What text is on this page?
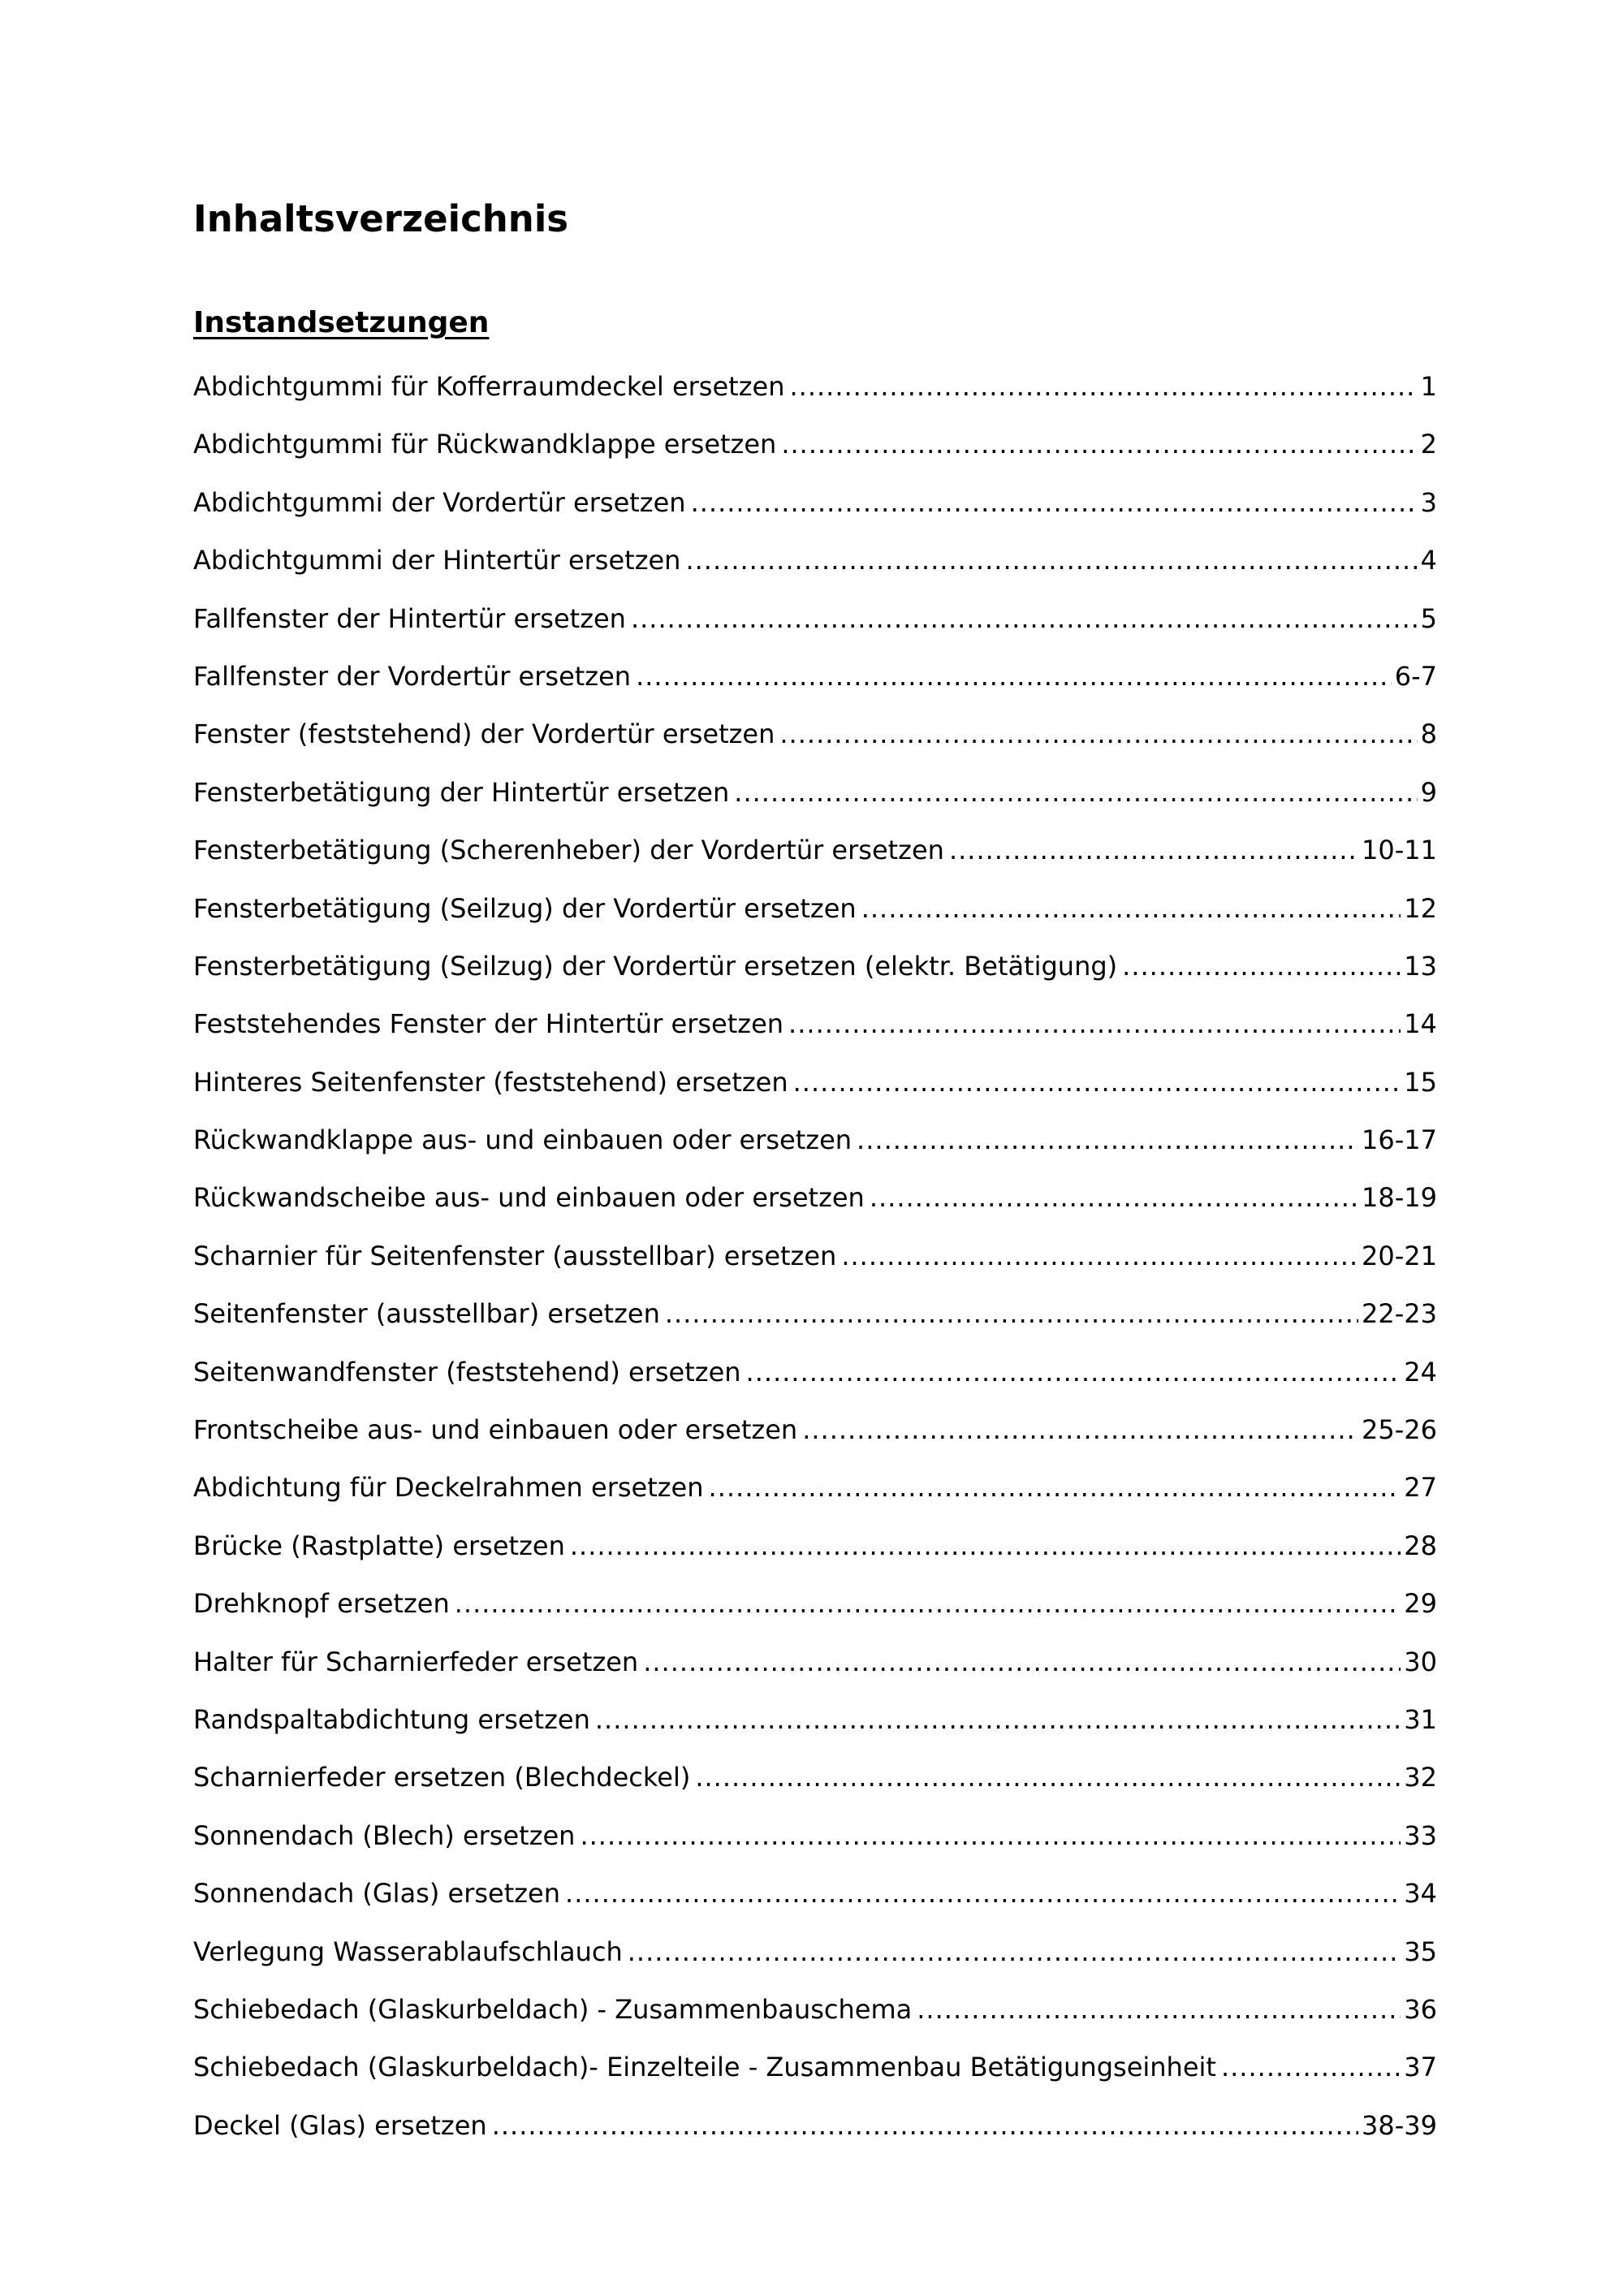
Inhaltsverzeichnis
Instandsetzungen
Abdichtgummi für Kofferraumdeckel ersetzen .....	1
Abdichtgummi für Rückwandklappe ersetzen .....	2
Abdichtgummi der Vordertür ersetzen .....	3
Abdichtgummi der Hintertür ersetzen .....	4
Fallfenster der Hintertür ersetzen .....	5
Fallfenster der Vordertür ersetzen .....	6-7
Fenster (feststehend) der Vordertür ersetzen .....	8
Fensterbetätigung der Hintertür ersetzen .....	9
Fensterbetätigung (Scherenheber) der Vordertür ersetzen .....	10-11
Fensterbetätigung (Seilzug) der Vordertür ersetzen .....	12
Fensterbetätigung (Seilzug) der Vordertür ersetzen (elektr. Betätigung) .....	13
Feststehendes Fenster der Hintertür ersetzen .....	14
Hinteres Seitenfenster (feststehend) ersetzen .....	15
Rückwandklappe aus- und einbauen oder ersetzen .....	16-17
Rückwandscheibe aus- und einbauen oder ersetzen .....	18-19
Scharnier für Seitenfenster (ausstellbar) ersetzen .....	20-21
Seitenfenster (ausstellbar) ersetzen .....	22-23
Seitenwandfenster (feststehend) ersetzen .....	24
Frontscheibe aus- und einbauen oder ersetzen .....	25-26
Abdichtung für Deckelrahmen ersetzen .....	27
Brücke (Rastplatte) ersetzen .....	28
Drehknopf ersetzen .....	29
Halter für Scharnierfeder ersetzen .....	30
Randspaltabdichtung ersetzen .....	31
Scharnierfeder ersetzen (Blechdeckel) .....	32
Sonnendach (Blech) ersetzen .....	33
Sonnendach (Glas) ersetzen .....	34
Verlegung Wasserablaufschlauch .....	35
Schiebedach (Glaskurbeldach) - Zusammenbauschema .....	36
Schiebedach (Glaskurbeldach)- Einzelteile - Zusammenbau Betätigungseinheit .....	37
Deckel (Glas) ersetzen .....	38-39
